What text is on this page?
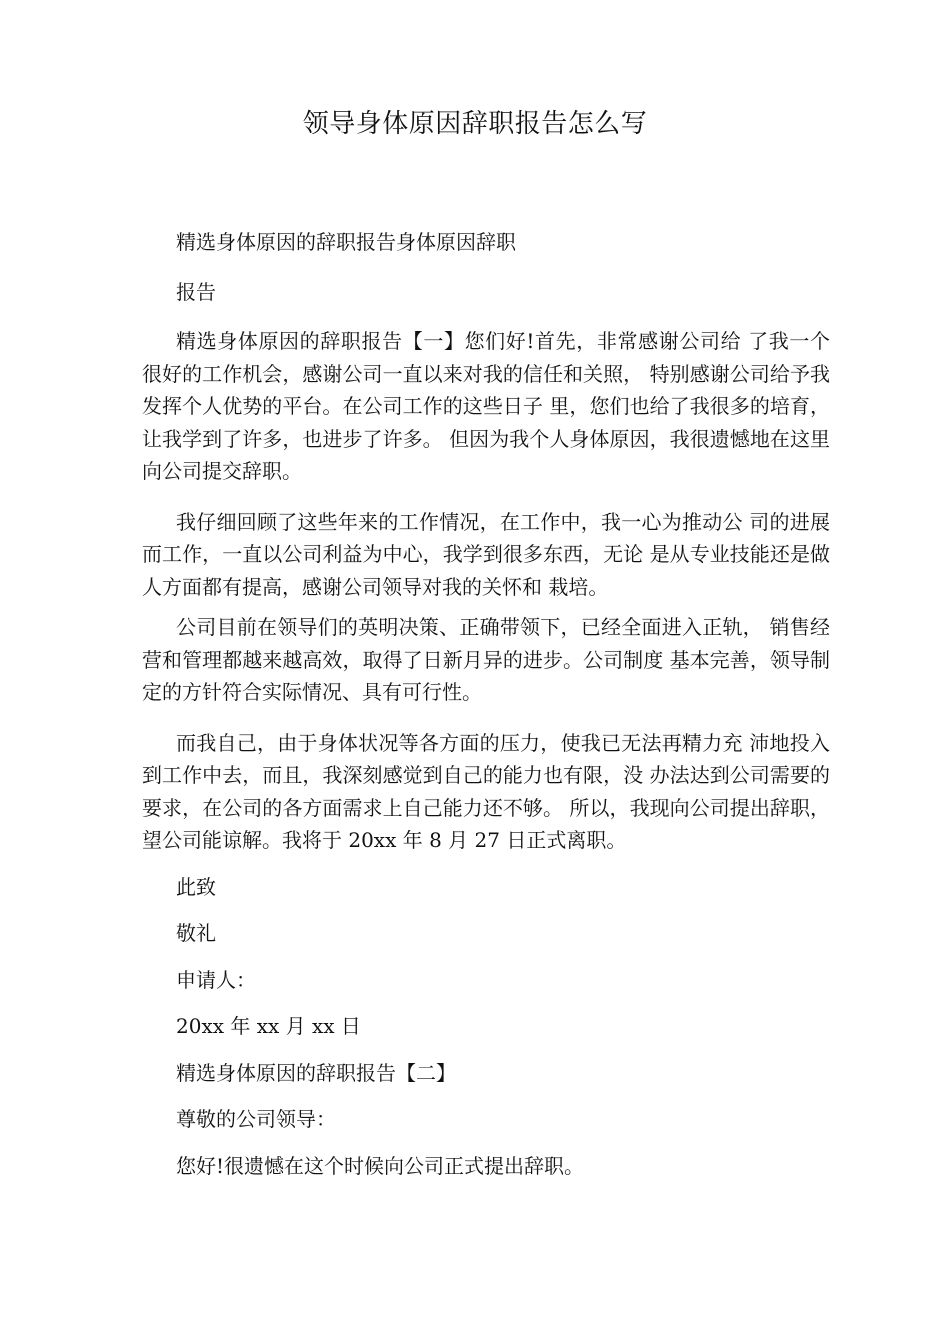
领导身体原因辞职报告怎么写

精选身体原因的辞职报告身体原因辞职

报告

精选身体原因的辞职报告【一】您们好!首先，非常感谢公司给 了我一个很好的工作机会，感谢公司一直以来对我的信任和关照， 特别感谢公司给予我发挥个人优势的平台。在公司工作的这些日子 里，您们也给了我很多的培育，让我学到了许多，也进步了许多。 但因为我个人身体原因，我很遗憾地在这里向公司提交辞职。

我仔细回顾了这些年来的工作情况，在工作中，我一心为推动公 司的进展而工作，一直以公司利益为中心，我学到很多东西，无论 是从专业技能还是做人方面都有提高，感谢公司领导对我的关怀和 栽培。

公司目前在领导们的英明决策、正确带领下，已经全面进入正轨， 销售经营和管理都越来越高效，取得了日新月异的进步。公司制度 基本完善，领导制定的方针符合实际情况、具有可行性。

而我自己，由于身体状况等各方面的压力，使我已无法再精力充 沛地投入到工作中去，而且，我深刻感觉到自己的能力也有限，没 办法达到公司需要的要求，在公司的各方面需求上自己能力还不够。 所以，我现向公司提出辞职，望公司能谅解。我将于 20xx 年 8 月 27 日正式离职。

此致

敬礼

申请人：

20xx 年 xx 月 xx 日

精选身体原因的辞职报告【二】

尊敬的公司领导：

您好!很遗憾在这个时候向公司正式提出辞职。
